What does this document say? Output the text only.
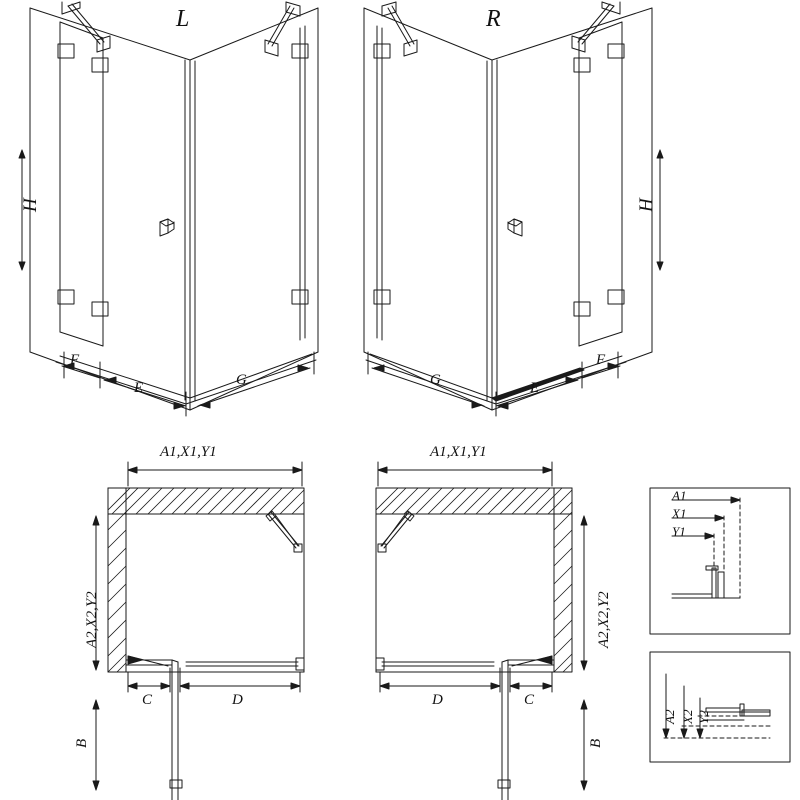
L	R
H	H
F
E	G	G	E
F
A1,X1,Y1	A1,X1,Y1
A2,X2,Y2	A2,X2,Y2
C	D	D	C
B	B
A1
X1
Y1
A2 X2 Y2
